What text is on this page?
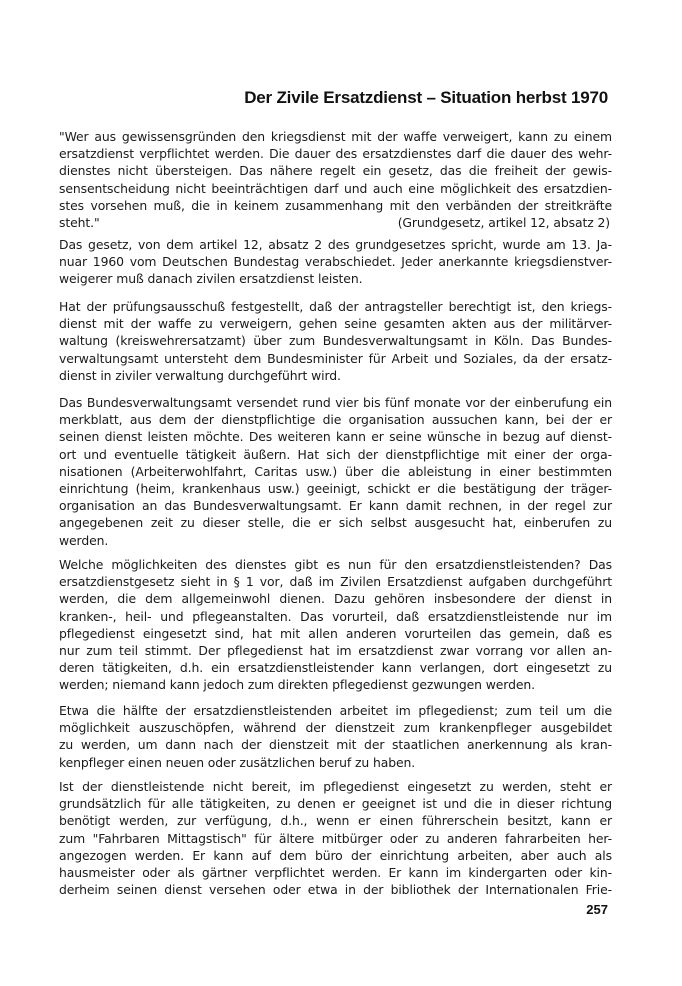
Der Zivile Ersatzdienst – Situation herbst 1970
"Wer aus gewissensgründen den kriegsdienst mit der waffe verweigert, kann zu einem
ersatzdienst verpflichtet werden. Die dauer des ersatzdienstes darf die dauer des wehr-
dienstes nicht übersteigen. Das nähere regelt ein gesetz, das die freiheit der gewis-
sensentscheidung nicht beeinträchtigen darf und auch eine möglichkeit des ersatzdien-
stes vorsehen muß, die in keinem zusammenhang mit den verbänden der streitkräfte
steht."	(Grundgesetz, artikel 12, absatz 2)
Das gesetz, von dem artikel 12, absatz 2 des grundgesetzes spricht, wurde am 13. Ja-
nuar 1960 vom Deutschen Bundestag verabschiedet. Jeder anerkannte kriegsdienstver-
weigerer muß danach zivilen ersatzdienst leisten.
Hat der prüfungsausschuß festgestellt, daß der antragsteller berechtigt ist, den kriegs-
dienst mit der waffe zu verweigern, gehen seine gesamten akten aus der militärver-
waltung (kreiswehrersatzamt) über zum Bundesverwaltungsamt in Köln. Das Bundes-
verwaltungsamt untersteht dem Bundesminister für Arbeit und Soziales, da der ersatz-
dienst in ziviler verwaltung durchgeführt wird.
Das Bundesverwaltungsamt versendet rund vier bis fünf monate vor der einberufung ein
merkblatt, aus dem der dienstpflichtige die organisation aussuchen kann, bei der er
seinen dienst leisten möchte. Des weiteren kann er seine wünsche in bezug auf dienst-
ort und eventuelle tätigkeit äußern. Hat sich der dienstpflichtige mit einer der orga-
nisationen (Arbeiterwohlfahrt, Caritas usw.) über die ableistung in einer bestimmten
einrichtung (heim, krankenhaus usw.) geeinigt, schickt er die bestätigung der träger-
organisation an das Bundesverwaltungsamt. Er kann damit rechnen, in der regel zur
angegebenen zeit zu dieser stelle, die er sich selbst ausgesucht hat, einberufen zu
werden.
Welche möglichkeiten des dienstes gibt es nun für den ersatzdienstleistenden? Das
ersatzdienstgesetz sieht in § 1 vor, daß im Zivilen Ersatzdienst aufgaben durchgeführt
werden, die dem allgemeinwohl dienen. Dazu gehören insbesondere der dienst in
kranken-, heil- und pflegeanstalten. Das vorurteil, daß ersatzdienstleistende nur im
pflegedienst eingesetzt sind, hat mit allen anderen vorurteilen das gemein, daß es
nur zum teil stimmt. Der pflegedienst hat im ersatzdienst zwar vorrang vor allen an-
deren tätigkeiten, d.h. ein ersatzdienstleistender kann verlangen, dort eingesetzt zu
werden; niemand kann jedoch zum direkten pflegedienst gezwungen werden.
Etwa die hälfte der ersatzdienstleistenden arbeitet im pflegedienst; zum teil um die
möglichkeit auszuschöpfen, während der dienstzeit zum krankenpfleger ausgebildet
zu werden, um dann nach der dienstzeit mit der staatlichen anerkennung als kran-
kenpfleger einen neuen oder zusätzlichen beruf zu haben.
Ist der dienstleistende nicht bereit, im pflegedienst eingesetzt zu werden, steht er
grundsätzlich für alle tätigkeiten, zu denen er geeignet ist und die in dieser richtung
benötigt werden, zur verfügung, d.h., wenn er einen führerschein besitzt, kann er
zum "Fahrbaren Mittagstisch" für ältere mitbürger oder zu anderen fahrarbeiten her-
angezogen werden. Er kann auf dem büro der einrichtung arbeiten, aber auch als
hausmeister oder als gärtner verpflichtet werden. Er kann im kindergarten oder kin-
derheim seinen dienst versehen oder etwa in der bibliothek der Internationalen Frie-
257
